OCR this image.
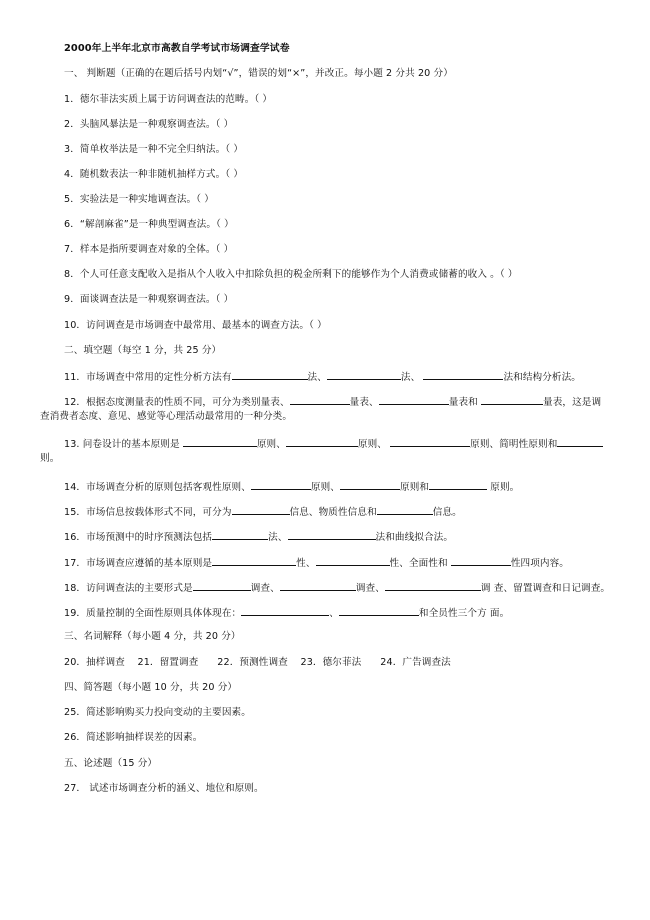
2000年上半年北京市高教自学考试市场调查学试卷
一、 判断题（正确的在题后括号内划“√”，错误的划“×”，并改正。每小题 2 分共 20 分）
1．德尔菲法实质上属于访问调查法的范畴。（ ）
2．头脑风暴法是一种观察调查法。（ ）
3．简单枚举法是一种不完全归纳法。（ ）
4．随机数表法一种非随机抽样方式。（ ）
5．实验法是一种实地调查法。（ ）
6．“解剖麻雀”是一种典型调查法。（ ）
7．样本是指所要调查对象的全体。（ ）
8．个人可任意支配收入是指从个人收入中扣除负担的税金所剩下的能够作为个人消费或储蓄的收入 。（ ）
9．面谈调查法是一种观察调查法。（ ）
10．访问调查是市场调查中最常用、最基本的调查方法。（ ）
二、填空题（每空 1 分，共 25 分）
11．市场调查中常用的定性分析方法有	法、	法、	法和结构分析法。
12．根据态度测量表的性质不同，可分为类别量表、	量表、	量表和	量表，这是调
查消费者态度、意见、感觉等心理活动最常用的一种分类。
13. 问卷设计的基本原则是	原则、	原则、	原则、简明性原则和
则。
14．市场调查分析的原则包括客观性原则、	原则、	原则和	原则。
15．市场信息按载体形式不同，可分为	信息、物质性信息和	信息。
16．市场预测中的时序预测法包括	法、	法和曲线拟合法。
17．市场调查应遵循的基本原则是	性、	性、全面性和	性四项内容。
18．访问调查法的主要形式是	调查、	调查、	调 查、留置调查和日记调查。
19．质量控制的全面性原则具体体现在：	、	和全员性三个方 面。
三、名词解释（每小题 4 分，共 20 分）
20．抽样调查 21．留置调查 22．预测性调查 23．德尔菲法 24．广告调查法
四、简答题（每小题 10 分，共 20 分）
25．简述影响购买力投向变动的主要因素。
26．简述影响抽样误差的因素。
五、论述题（15 分）
27． 试述市场调查分析的涵义、地位和原则。
